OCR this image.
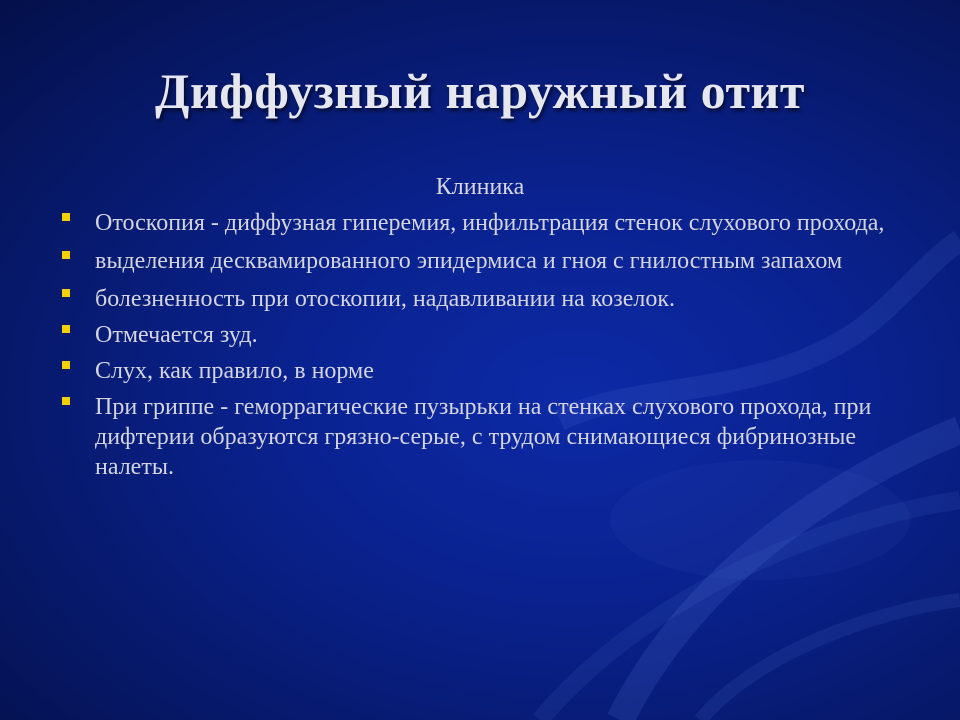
Диффузный наружный отит
Клиника
Отоскопия - диффузная гиперемия, инфильтрация стенок слухового прохода,
выделения десквамированного эпидермиса и гноя с гнилостным запахом
болезненность при отоскопии, надавливании на козелок.
Отмечается зуд.
Слух, как правило, в норме
При гриппе - геморрагические пузырьки на стенках слухового прохода, при дифтерии образуются грязно-серые, с трудом снимающиеся фибринозные налеты.
